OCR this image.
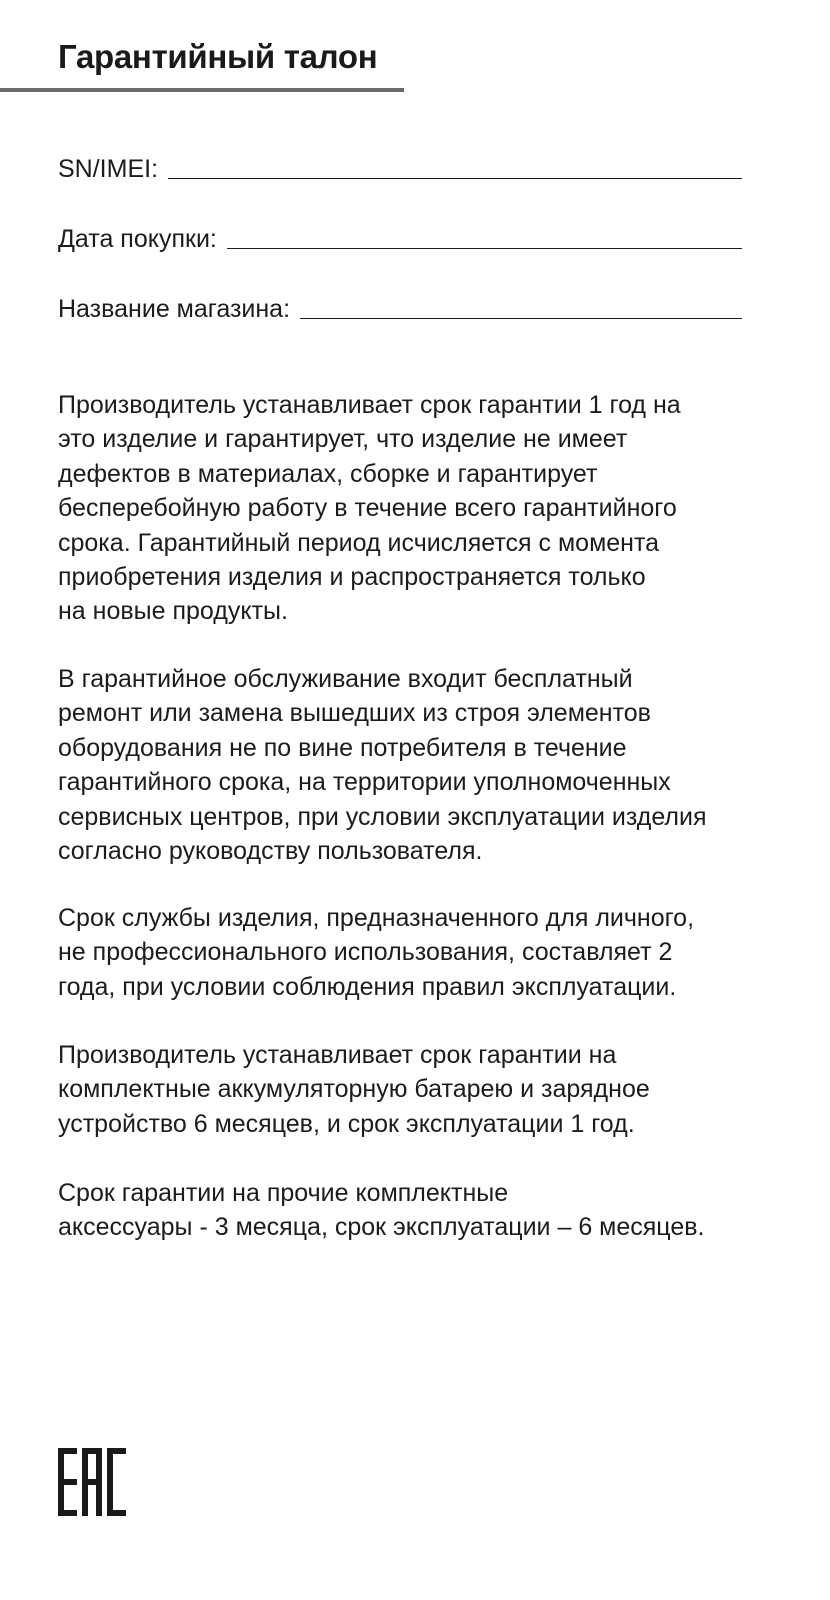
Гарантийный талон
SN/IMEI:
Дата покупки:
Название магазина:

Производитель устанавливает срок гарантии 1 год на
это изделие и гарантирует, что изделие не имеет
дефектов в материалах, сборке и гарантирует
бесперебойную работу в течение всего гарантийного
срока. Гарантийный период исчисляется с момента
приобретения изделия и распространяется только
на новые продукты.

В гарантийное обслуживание входит бесплатный
ремонт или замена вышедших из строя элементов
оборудования не по вине потребителя в течение
гарантийного срока, на территории уполномоченных
сервисных центров, при условии эксплуатации изделия
согласно руководству пользователя.

Срок службы изделия, предназначенного для личного,
не профессионального использования, составляет 2
года, при условии соблюдения правил эксплуатации.

Производитель устанавливает срок гарантии на
комплектные аккумуляторную батарею и зарядное
устройство 6 месяцев, и срок эксплуатации 1 год.

Срок гарантии на прочие комплектные
аксессуары - 3 месяца, срок эксплуатации – 6 месяцев.
